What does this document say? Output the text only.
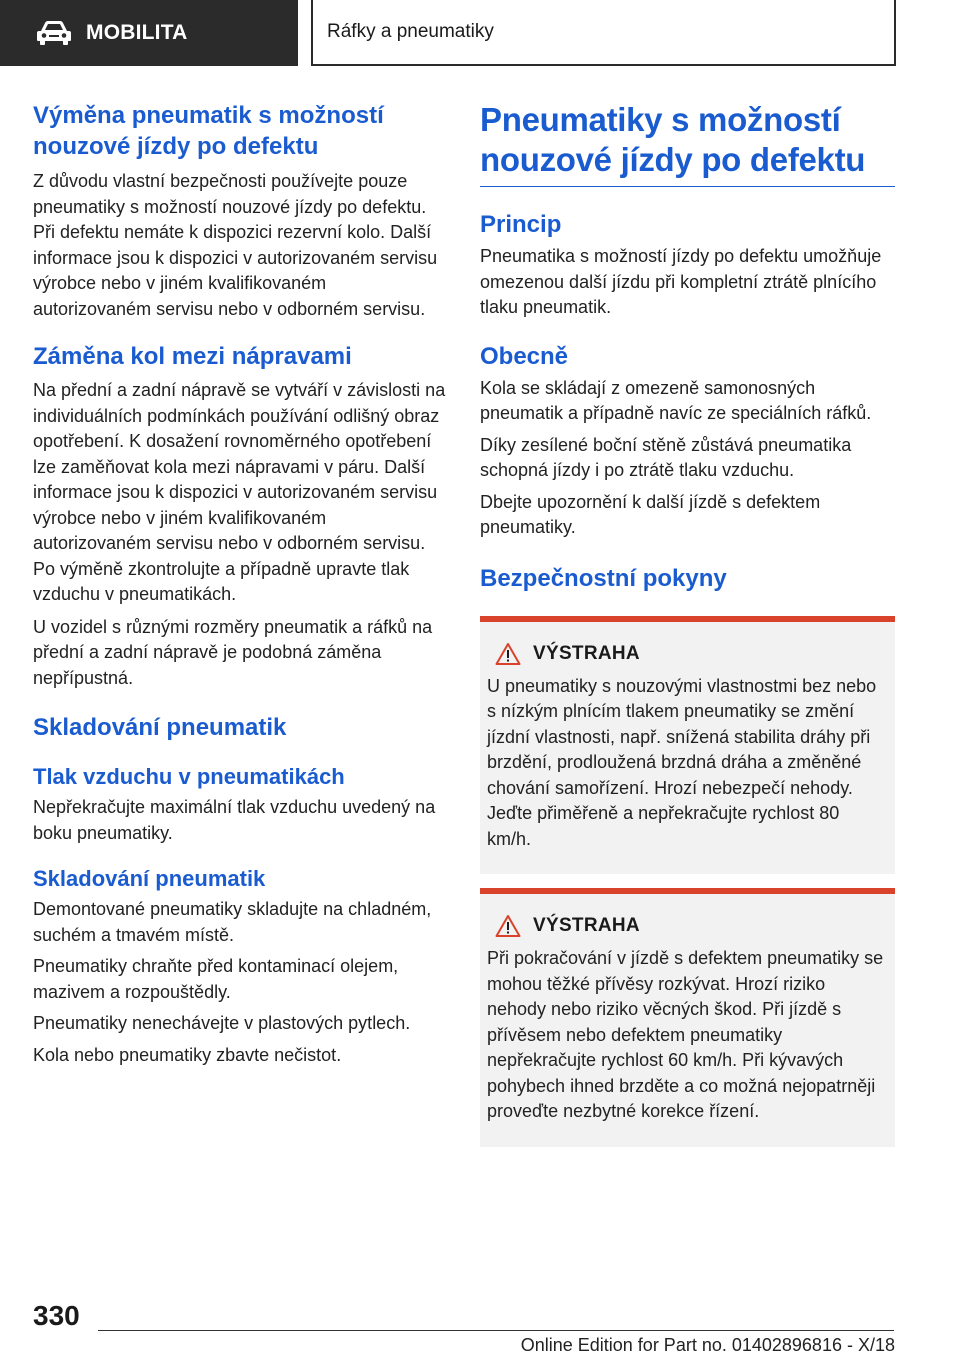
MOBILITA	Ráfky a pneumatiky
Výměna pneumatik s možností nouzové jízdy po defektu
Z důvodu vlastní bezpečnosti používejte pouze pneumatiky s možností nouzové jízdy po defektu. Při defektu nemáte k dispozici rezervní kolo. Další informace jsou k dispozici v autorizovaném servisu výrobce nebo v jiném kvalifikovaném autorizovaném servisu nebo v odborném servisu.
Záměna kol mezi nápravami
Na přední a zadní nápravě se vytváří v závislosti na individuálních podmínkách používání odlišný obraz opotřebení. K dosažení rovnoměrného opotřebení lze zaměňovat kola mezi nápravami v páru. Další informace jsou k dispozici v autorizovaném servisu výrobce nebo v jiném kvalifikovaném autorizovaném servisu nebo v odborném servisu. Po výměně zkontrolujte a případně upravte tlak vzduchu v pneumatikách.
U vozidel s různými rozměry pneumatik a ráfků na přední a zadní nápravě je podobná záměna nepřípustná.
Skladování pneumatik
Tlak vzduchu v pneumatikách
Nepřekračujte maximální tlak vzduchu uvedený na boku pneumatiky.
Skladování pneumatik
Demontované pneumatiky skladujte na chladném, suchém a tmavém místě.
Pneumatiky chraňte před kontaminací olejem, mazivem a rozpouštědly.
Pneumatiky nenechávejte v plastových pytlech.
Kola nebo pneumatiky zbavte nečistot.
Pneumatiky s možností nouzové jízdy po defektu
Princip
Pneumatika s možností jízdy po defektu umožňuje omezenou další jízdu při kompletní ztrátě plnícího tlaku pneumatik.
Obecně
Kola se skládají z omezeně samonosných pneumatik a případně navíc ze speciálních ráfků.
Díky zesílené boční stěně zůstává pneumatika schopná jízdy i po ztrátě tlaku vzduchu.
Dbejte upozornění k další jízdě s defektem pneumatiky.
Bezpečnostní pokyny
VÝSTRAHA
U pneumatiky s nouzovými vlastnostmi bez nebo s nízkým plnícím tlakem pneumatiky se změní jízdní vlastnosti, např. snížená stabilita dráhy při brzdění, prodloužená brzdná dráha a změněné chování samořízení. Hrozí nebezpečí nehody. Jeďte přiměřeně a nepřekračujte rychlost 80 km/h.
VÝSTRAHA
Při pokračování v jízdě s defektem pneumatiky se mohou těžké přívěsy rozkývat. Hrozí riziko nehody nebo riziko věcných škod. Při jízdě s přívěsem nebo defektem pneumatiky nepřekračujte rychlost 60 km/h. Při kývavých pohybech ihned brzděte a co možná nejopatrněji proveďte nezbytné korekce řízení.
330
Online Edition for Part no. 01402896816 - X/18
